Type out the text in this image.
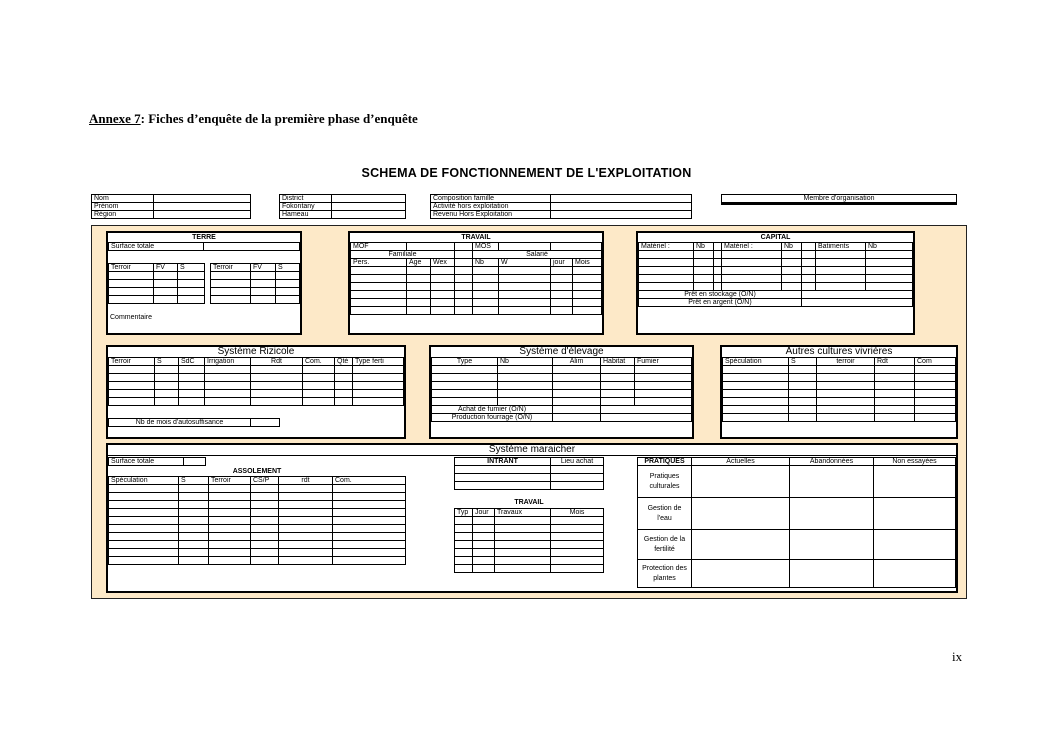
Annexe 7: Fiches d’enquête de la première phase d’enquête
SCHEMA DE FONCTIONNEMENT DE L'EXPLOITATION
Nom	
Prénom	
Région	
District	
Fokontany	
Hameau	
Composition famille	
Activité hors exploitation	
Revenu Hors Exploitation	
Membre d'organisation		

TERRE
Surface totale	
Terroir	FV	S

			Terroir	FV	S

Commentaire
TRAVAIL
MOF				MOS			
Familiale				Salarié			
Pers.	Age	Wex		Nb	W	jour	Mois

CAPITAL
Matériel :	Nb		Matériel :	Nb		Batiments	Nb

Prêt en stockage (O/N)							
Prêt en argent (O/N)							
Système Rizicole
Terroir	S	SdC	Irrigation	Rdt	Com.	Qté	Type ferti

Nb de mois d'autosuffisance	
Système d'élevage
Type	Nb	Alim	Habitat	Fumier

Achat de fumier (O/N)				
Production fourrage (O/N)				
Autres cultures vivrières
Spéculation	S	terroir	Rdt	Com

Système maraicher
Surface totale	
ASSOLEMENT
Spéculation	S	Terroir	CS/P	rdt	Com.

INTRANT	Lieu achat

TRAVAIL
Typ	Jour	Travaux	Mois

PRATIQUES	Actuelles	Abandonnées	Non essayées
Pratiques culturales			
Gestion de l'eau			
Gestion de la fertilité			
Protection des plantes			
ix
